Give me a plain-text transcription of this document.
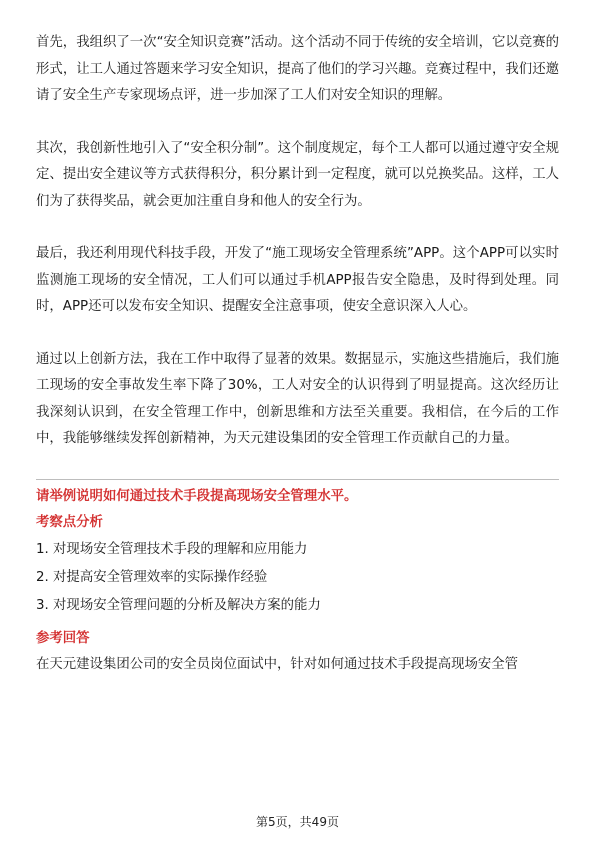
首先，我组织了一次“安全知识竞赛”活动。这个活动不同于传统的安全培训，它以竞赛的形式，让工人通过答题来学习安全知识，提高了他们的学习兴趣。竞赛过程中，我们还邀请了安全生产专家现场点评，进一步加深了工人们对安全知识的理解。

其次，我创新性地引入了“安全积分制”。这个制度规定，每个工人都可以通过遵守安全规定、提出安全建议等方式获得积分，积分累计到一定程度，就可以兑换奖品。这样，工人们为了获得奖品，就会更加注重自身和他人的安全行为。

最后，我还利用现代科技手段，开发了“施工现场安全管理系统”APP。这个APP可以实时监测施工现场的安全情况，工人们可以通过手机APP报告安全隐患，及时得到处理。同时，APP还可以发布安全知识、提醒安全注意事项，使安全意识深入人心。

通过以上创新方法，我在工作中取得了显著的效果。数据显示，实施这些措施后，我们施工现场的安全事故发生率下降了30%，工人对安全的认识得到了明显提高。这次经历让我深刻认识到，在安全管理工作中，创新思维和方法至关重要。我相信，在今后的工作中，我能够继续发挥创新精神，为天元建设集团的安全管理工作贡献自己的力量。

请举例说明如何通过技术手段提高现场安全管理水平。
考察点分析
1. 对现场安全管理技术手段的理解和应用能力
2. 对提高安全管理效率的实际操作经验
3. 对现场安全管理问题的分析及解决方案的能力
参考回答

在天元建设集团公司的安全员岗位面试中，针对如何通过技术手段提高现场安全管

第5页，共49页
